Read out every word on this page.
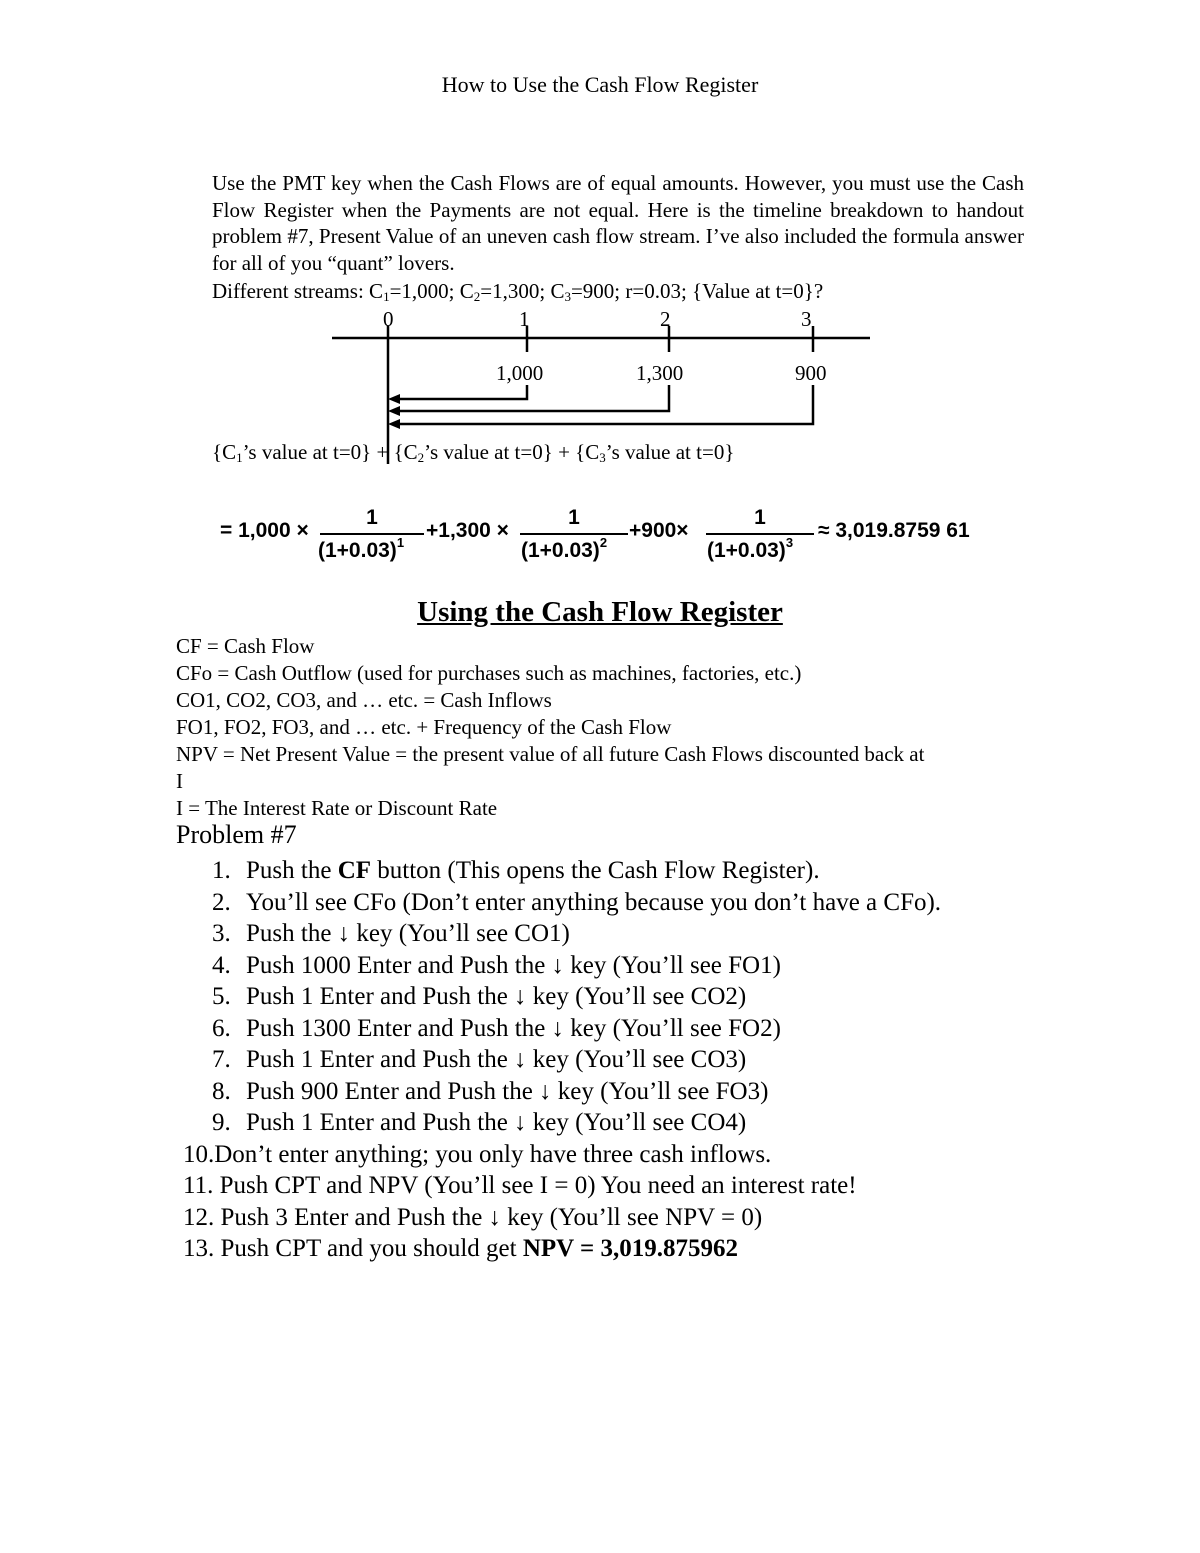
How to Use the Cash Flow Register
Use the PMT key when the Cash Flows are of equal amounts. However, you must use the Cash Flow Register when the Payments are not equal. Here is the timeline breakdown to handout problem #7, Present Value of an uneven cash flow stream. I’ve also included the formula answer for all of you “quant” lovers.
Different streams: $C_1=1,000$; $C_2=1,300$; $C_3=900$; r=0.03; {Value at t=0}?
0	1	2	3
1,000	1,300	900
{$C_1’s$ value at $t=0\} + \{C_2’s$ value at $t=0\} + \{C_3’s$ value at t=0}
= 1,000 ×
1
$(1+0.03)^1$
+1,300 ×
1
$(1+0.03)^2$
+900×
1
$(1+0.03)^3$
≈ 3,019.8759 61
Using the Cash Flow Register
CF = Cash Flow
CFo = Cash Outflow (used for purchases such as machines, factories, etc.)
CO1, CO2, CO3, and … etc. = Cash Inflows
FO1, FO2, FO3, and … etc. + Frequency of the Cash Flow
NPV = Net Present Value = the present value of all future Cash Flows discounted back at
I
I = The Interest Rate or Discount Rate
Problem #7
1. Push the CF button (This opens the Cash Flow Register).
2. You’ll see CFo (Don’t enter anything because you don’t have a CFo).
3. Push the ↓ key (You’ll see CO1)
4. Push 1000 Enter and Push the ↓ key (You’ll see FO1)
5. Push 1 Enter and Push the ↓ key (You’ll see CO2)
6. Push 1300 Enter and Push the ↓ key (You’ll see FO2)
7. Push 1 Enter and Push the ↓ key (You’ll see CO3)
8. Push 900 Enter and Push the ↓ key (You’ll see FO3)
9. Push 1 Enter and Push the ↓ key (You’ll see CO4)
10.Don’t enter anything; you only have three cash inflows.
11. Push CPT and NPV (You’ll see I = 0) You need an interest rate!
12. Push 3 Enter and Push the ↓ key (You’ll see NPV = 0)
13. Push CPT and you should get NPV = 3,019.875962
